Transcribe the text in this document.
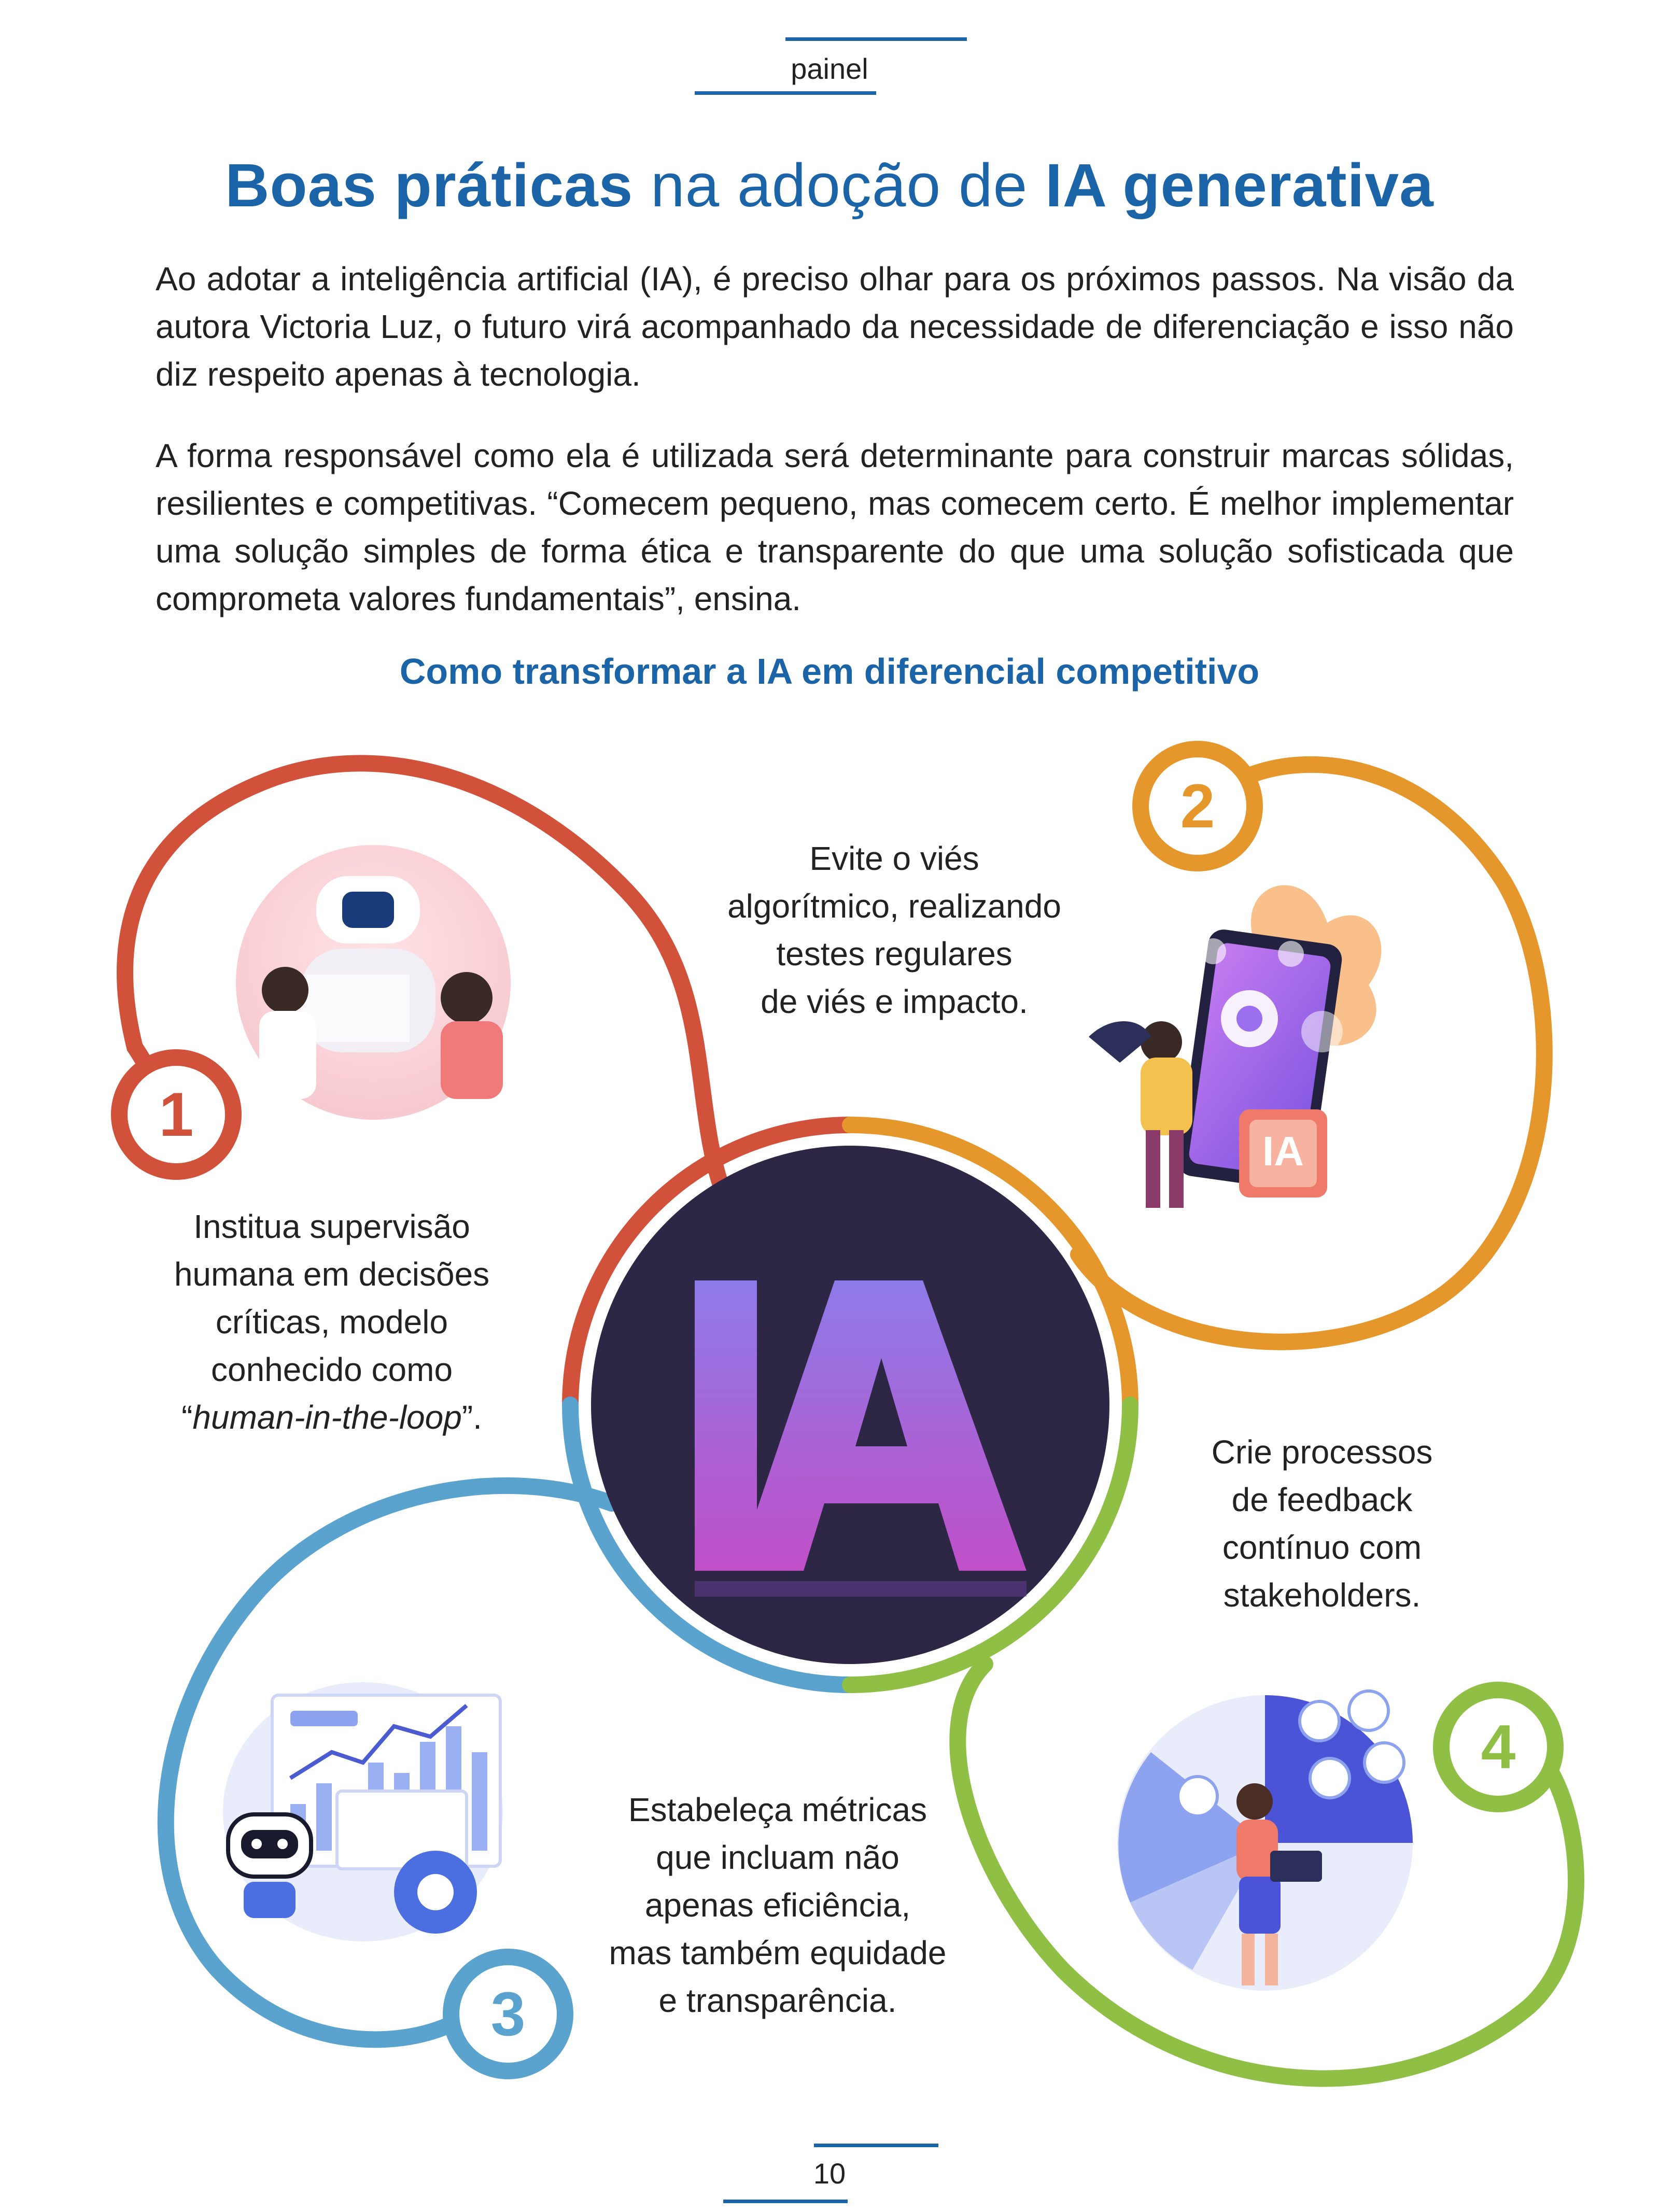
painel
Boas práticas na adoção de IA generativa
Ao adotar a inteligência artificial (IA), é preciso olhar para os próximos passos. Na visão da autora Victoria Luz, o futuro virá acompanhado da necessidade de diferenciação e isso não diz respeito apenas à tecnologia.
A forma responsável como ela é utilizada será determinante para construir marcas sólidas, resilientes e competitivas. “Comecem pequeno, mas comecem certo. É melhor implementar uma solução simples de forma ética e transparente do que uma solução sofisticada que comprometa valores fundamentais”, ensina.
Como transformar a IA em diferencial competitivo
1
2
3
4
IA
Institua supervisão
humana em decisões
críticas, modelo
conhecido como
“human-in-the-loop”.
Evite o viés
algorítmico, realizando
testes regulares
de viés e impacto.
Estabeleça métricas
que incluam não
apenas eficiência,
mas também equidade
e transparência.
Crie processos
de feedback
contínuo com
stakeholders.
10
